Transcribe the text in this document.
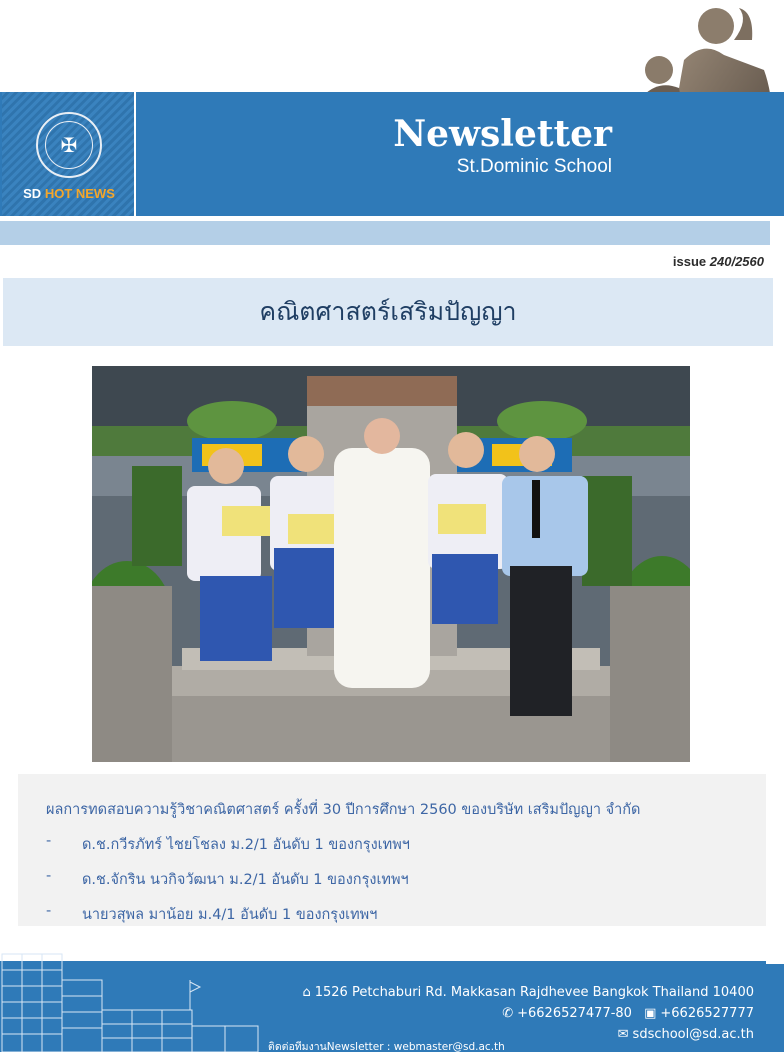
✠
SD HOT NEWS
Newsletter
St.Dominic School
issue 240/2560
คณิตศาสตร์เสริมปัญญา
ผลการทดสอบความรู้วิชาคณิตศาสตร์ ครั้งที่ 30 ปีการศึกษา 2560 ของบริษัท เสริมปัญญา จำกัด
-	ด.ช.กวีรภัทร์ ไชยโชลง ม.2/1 อันดับ 1 ของกรุงเทพฯ
-	ด.ช.จักริน นวกิจวัฒนา ม.2/1 อันดับ 1 ของกรุงเทพฯ
-	นายวสุพล มาน้อย ม.4/1 อันดับ 1 ของกรุงเทพฯ
⌂ 1526 Petchaburi Rd. Makkasan Rajdhevee Bangkok Thailand 10400
✆ +6626527477-80 ▣ +6626527777
✉ sdschool@sd.ac.th
ติดต่อทีมงานNewsletter : webmaster@sd.ac.th
